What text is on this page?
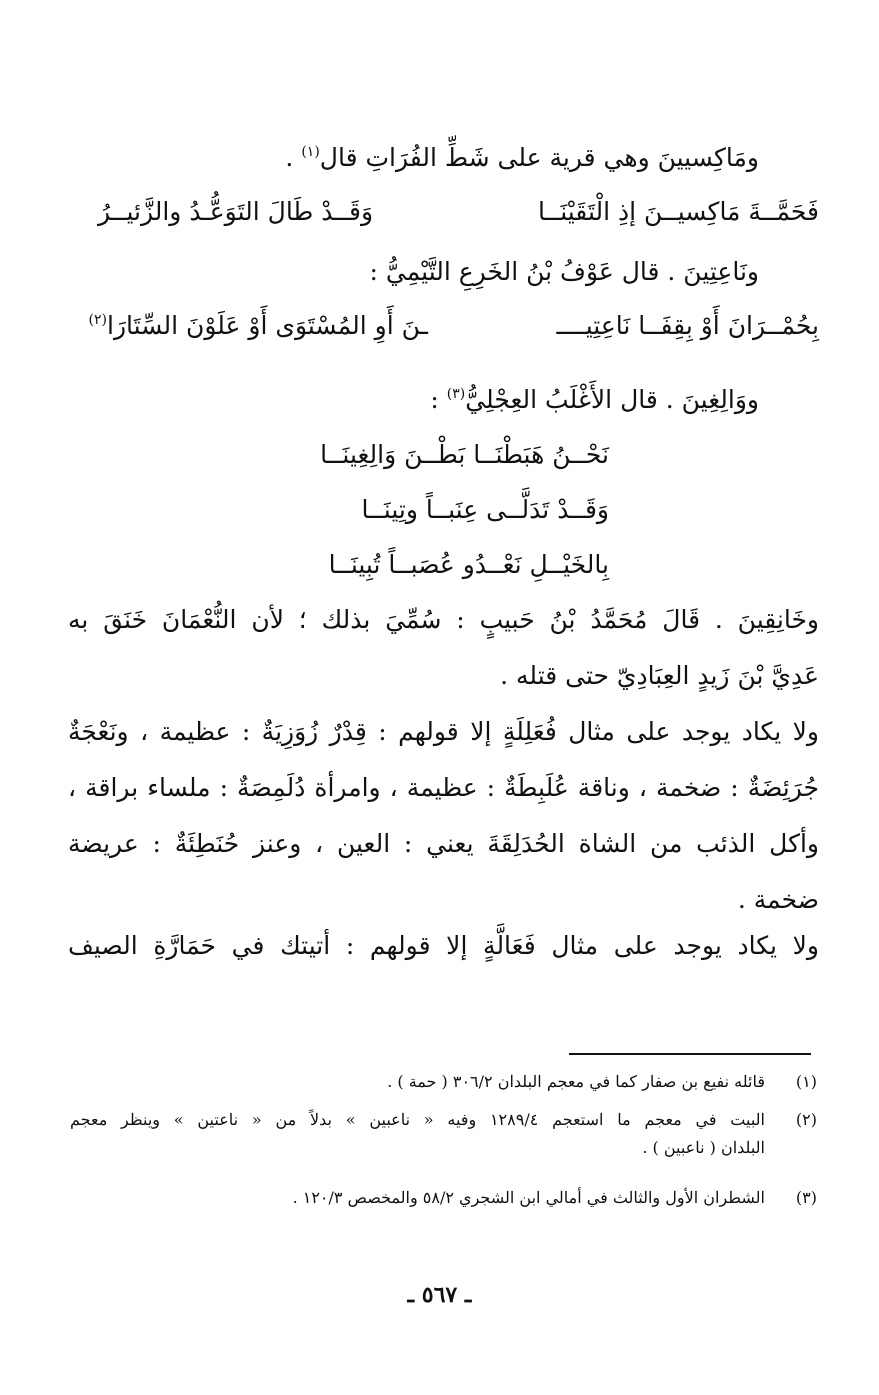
ومَاكِسيينَ وهي قرية على شَطِّ الفُرَاتِ قال$^{(١)}$ .
فَحَمَّــةَ مَاكِسيــنَ إذِ الْتَقَيْنَــا
وَقَــدْ طَالَ التَوَعُّـدُ والزَّئيــرُ
ونَاعِتِينَ . قال عَوْفُ بْنُ الخَرِعِ التَّيْمِيُّ :
بِحُمْــرَانَ أَوْ بِقِفَــا نَاعِتِيــــ
ـنَ أَوِ المُسْتَوَى أَوْ عَلَوْنَ السِّتَارَا$^{(٢)}$
ووَالِغِينَ . قال الأَغْلَبُ العِجْلِيُّ$^{(٣)}$ :
نَحْــنُ هَبَطْنَــا بَطْــنَ وَالِغِينَــا
وَقَــدْ تَدَلَّــى عِنَبــاً وتِينَــا
بِالخَيْــلِ نَعْــدُو عُصَبــاً تُبِينَــا
وخَانِقِينَ . قَالَ مُحَمَّدُ بْنُ حَبيبٍ : سُمِّيَ بذلك ؛ لأن النُّعْمَانَ خَنَقَ به
عَدِيَّ بْنَ زَيدٍ العِبَادِيّ حتى قتله .
ولا يكاد يوجد على مثال فُعَلِلَةٍ إلا قولهم : قِدْرٌ زُوَزِيَةٌ : عظيمة ، ونَعْجَةٌ
جُرَئِضَةٌ : ضخمة ، وناقة عُلَبِطَةٌ : عظيمة ، وامرأة دُلَمِصَةٌ : ملساء براقة ،
وأكل الذئب من الشاة الحُدَلِقَةَ يعني : العين ، وعنز حُنَطِئَةٌ : عريضة
ضخمة .
ولا يكاد يوجد على مثال فَعَالَّةٍ إلا قولهم : أتيتك في حَمَارَّةِ الصيف
(١)
قائله نفيع بن صفار كما في معجم البلدان ٣٠٦/٢ ( حمة ) .
(٢)
البيت في معجم ما استعجم ١٢٨٩/٤ وفيه « ناعبين » بدلاً من « ناعتين » وينظر معجم
البلدان ( ناعبين ) .
(٣)
الشطران الأول والثالث في أمالي ابن الشجري ٥٨/٢ والمخصص ١٢٠/٣ .
ـ ٥٦٧ ـ
